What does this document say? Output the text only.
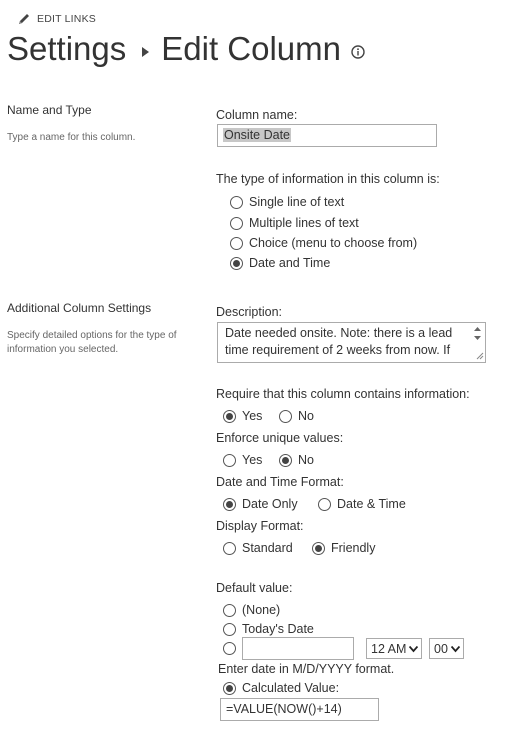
EDIT LINKS
Settings Edit Column
Name and Type
Type a name for this column.
Column name:
Onsite Date
The type of information in this column is:
Single line of text
Multiple lines of text
Choice (menu to choose from)
Date and Time
Additional Column Settings
Specify detailed options for the type of information you selected.
Description:
Date needed onsite. Note: there is a lead
time requirement of 2 weeks from now. If
Require that this column contains information:
Yes	No
Enforce unique values:
Yes	No
Date and Time Format:
Date Only	Date & Time
Display Format:
Standard	Friendly
Default value:
(None)
Today's Date
12 AM 00
Enter date in M/D/YYYY format.
Calculated Value:
=VALUE(NOW()+14)
